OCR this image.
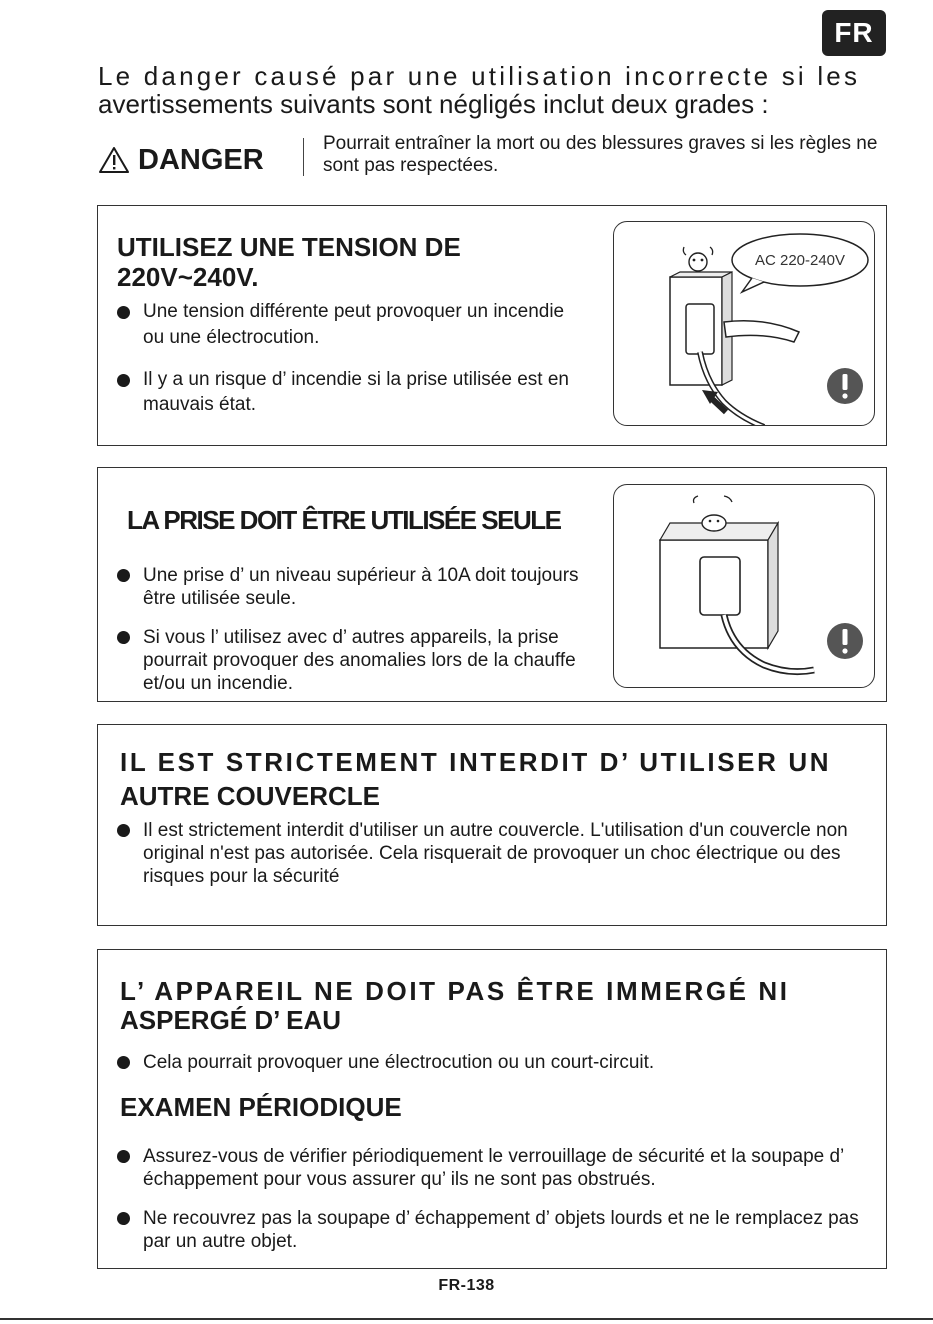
FR
Le danger causé par une utilisation incorrecte si les
avertissements suivants sont négligés inclut deux grades :
DANGER	Pourrait entraîner la mort ou des blessures graves si les règles ne sont pas respectées.
UTILISEZ UNE TENSION DE
220V~240V.
Une tension différente peut provoquer un incendie ou une électrocution.
Il y a un risque d’ incendie si la prise utilisée est en mauvais état.
AC 220-240V
LA PRISE DOIT ÊTRE UTILISÉE SEULE
Une prise d’ un niveau supérieur à 10A doit toujours être utilisée seule.
Si vous l’ utilisez avec d’ autres appareils, la prise pourrait provoquer des anomalies lors de la chauffe et/ou un incendie.
IL EST STRICTEMENT INTERDIT D’ UTILISER UN
AUTRE COUVERCLE
Il est strictement interdit d'utiliser un autre couvercle. L'utilisation d'un couvercle non original n'est pas autorisée. Cela risquerait de provoquer un choc électrique ou des risques pour la sécurité
L’ APPAREIL NE DOIT PAS ÊTRE IMMERGÉ NI
ASPERGÉ D’ EAU
Cela pourrait provoquer une électrocution ou un court-circuit.
EXAMEN PÉRIODIQUE
Assurez-vous de vérifier périodiquement le verrouillage de sécurité et la soupape d’ échappement pour vous assurer qu’ ils ne sont pas obstrués.
Ne recouvrez pas la soupape d’ échappement d’ objets lourds et ne le remplacez pas par un autre objet.
FR-138
